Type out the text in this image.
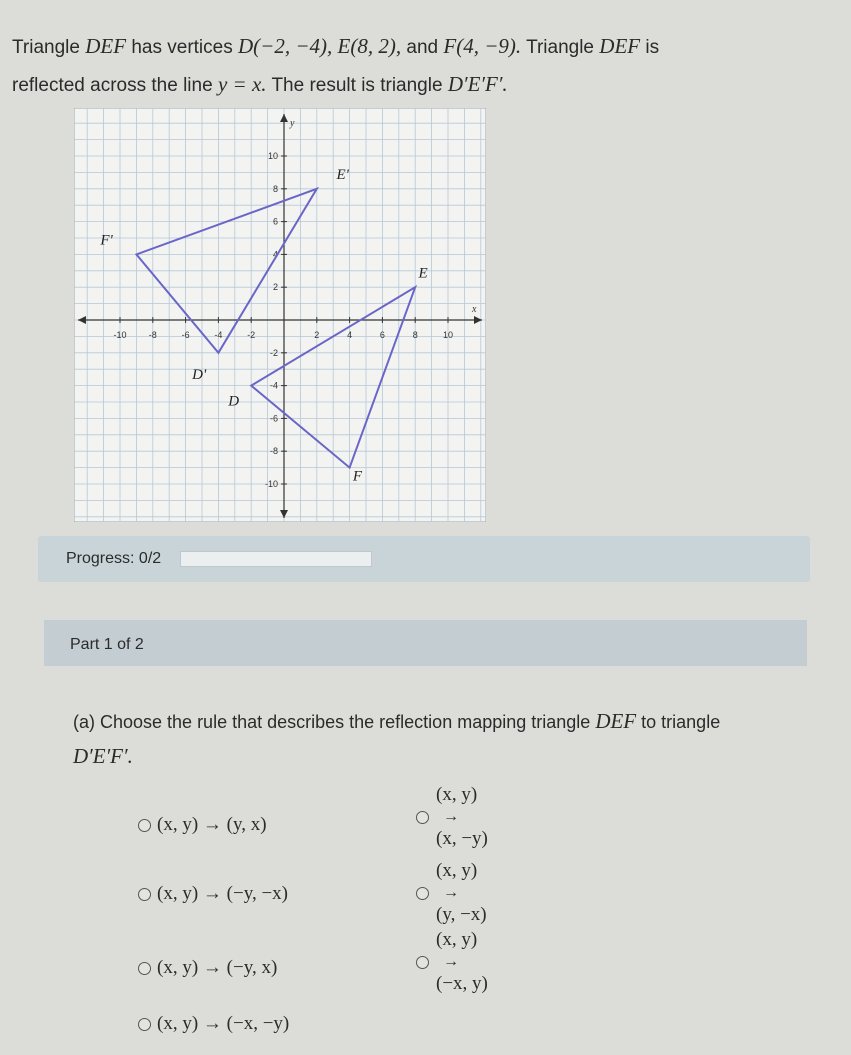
Triangle DEF has vertices D(−2, −4), E(8, 2), and F(4, −9). Triangle DEF is
reflected across the line y = x. The result is triangle D′E′F′.
x
y
-10 -8	-6	-4	-2	2	4	6	8	10
10
8
6
4
2
-2
-4
-6
-8
-10
E'
F'
D'
D
E
F
Progress: 0/2
Part 1 of 2
(a) Choose the rule that describes the reflection mapping triangle DEF to triangle
D′E′F′.
(x, y) → (y, x)
(x, y) → (−y, −x)
(x, y) → (−y, x)
(x, y) → (−x, −y)
(x, y)
→
(x, −y)
(x, y)
→
(y, −x)
(x, y)
→
(−x, y)
